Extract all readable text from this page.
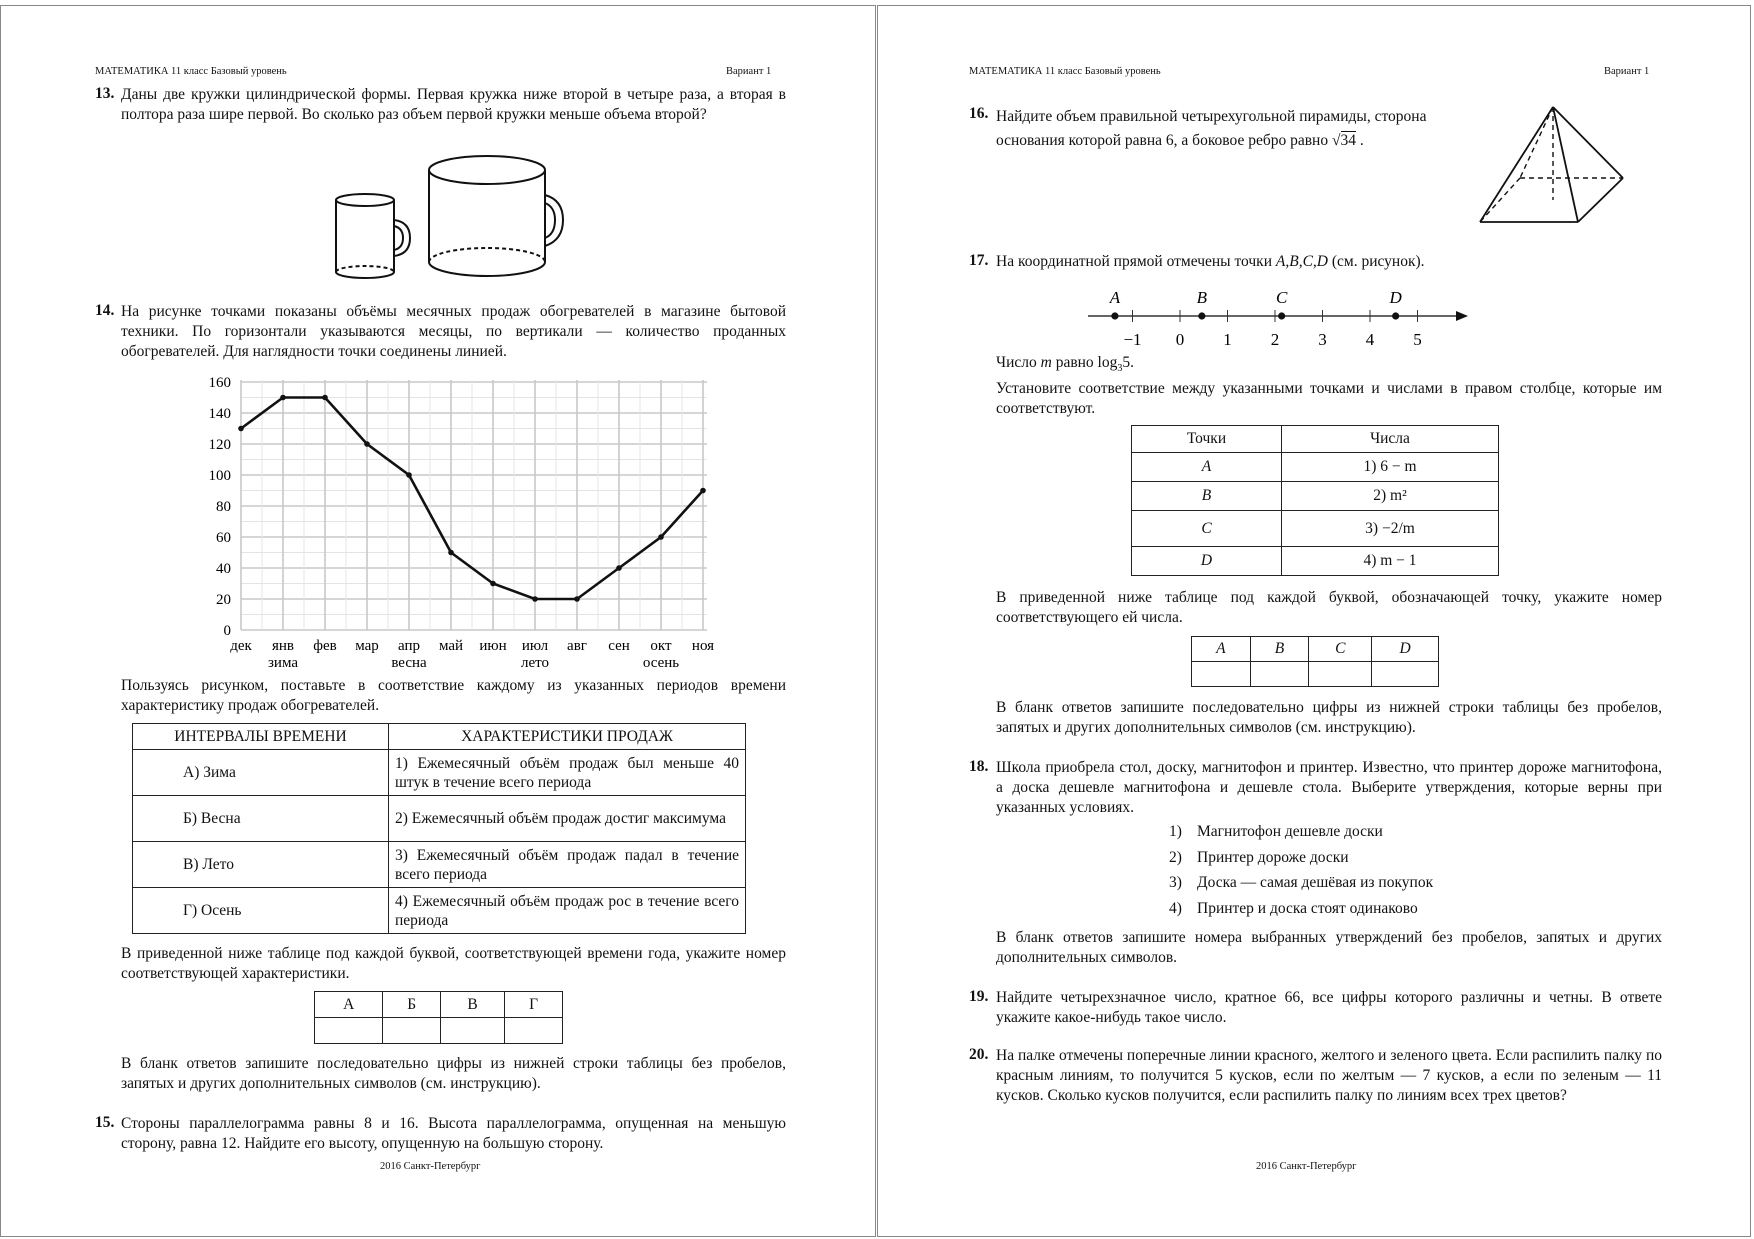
МАТЕМАТИКА 11 класс Базовый уровень	Вариант 1
13. Даны две кружки цилиндрической формы. Первая кружка ниже второй в четыре раза, а вторая в полтора раза шире первой. Во сколько раз объем первой кружки меньше объема второй?
14. На рисунке точками показаны объёмы месячных продаж обогревателей в магазине бытовой техники. По горизонтали указываются месяцы, по вертикали — количество проданных обогревателей. Для наглядности точки соединены линией.
0
20
40
60
80
100
120
140
160
дек янв фев мар апр май июн июл авг сен окт ноя
зима	весна	лето	осень
Пользуясь рисунком, поставьте в соответствие каждому из указанных периодов времени характеристику продаж обогревателей.
ИНТЕРВАЛЫ ВРЕМЕНИ	ХАРАКТЕРИСТИКИ ПРОДАЖ
А) Зима	1) Ежемесячный объём продаж был меньше 40 штук в течение всего периода
Б) Весна	2) Ежемесячный объём продаж достиг максимума
В) Лето	3) Ежемесячный объём продаж падал в течение всего периода
Г) Осень	4) Ежемесячный объём продаж рос в течение всего периода
В приведенной ниже таблице под каждой буквой, соответствующей времени года, укажите номер соответствующей характеристики.
А	Б	В	Г

В бланк ответов запишите последовательно цифры из нижней строки таблицы без пробелов, запятых и других дополнительных символов (см. инструкцию).
15. Стороны параллелограмма равны 8 и 16. Высота параллелограмма, опущенная на меньшую сторону, равна 12. Найдите его высоту, опущенную на большую сторону.
2016 Санкт-Петербург
МАТЕМАТИКА 11 класс Базовый уровень	Вариант 1
16. Найдите объем правильной четырехугольной пирамиды, сторона
основания которой равна 6, а боковое ребро равно √34 .
17. На координатной прямой отмечены точки A,B,C,D (см. рисунок).
−1 0 1 2 3 4 5
A	B	C	D
Число m равно $\log_35$.
Установите соответствие между указанными точками и числами в правом столбце, которые им соответствуют.
Точки	Числа
A	1) 6 − m
B	2) m²
C	3) −2/m
D	4) m − 1
В приведенной ниже таблице под каждой буквой, обозначающей точку, укажите номер соответствующего ей числа.
A	B	C	D

В бланк ответов запишите последовательно цифры из нижней строки таблицы без пробелов, запятых и других дополнительных символов (см. инструкцию).
18. Школа приобрела стол, доску, магнитофон и принтер. Известно, что принтер дороже магнитофона, а доска дешевле магнитофона и дешевле стола. Выберите утверждения, которые верны при указанных условиях.
1) Магнитофон дешевле доски
2) Принтер дороже доски
3) Доска — самая дешёвая из покупок
4) Принтер и доска стоят одинаково
В бланк ответов запишите номера выбранных утверждений без пробелов, запятых и других дополнительных символов.
19. Найдите четырехзначное число, кратное 66, все цифры которого различны и четны. В ответе укажите какое-нибудь такое число.
20. На палке отмечены поперечные линии красного, желтого и зеленого цвета. Если распилить палку по красным линиям, то получится 5 кусков, если по желтым — 7 кусков, а если по зеленым — 11 кусков. Сколько кусков получится, если распилить палку по линиям всех трех цветов?
2016 Санкт-Петербург
